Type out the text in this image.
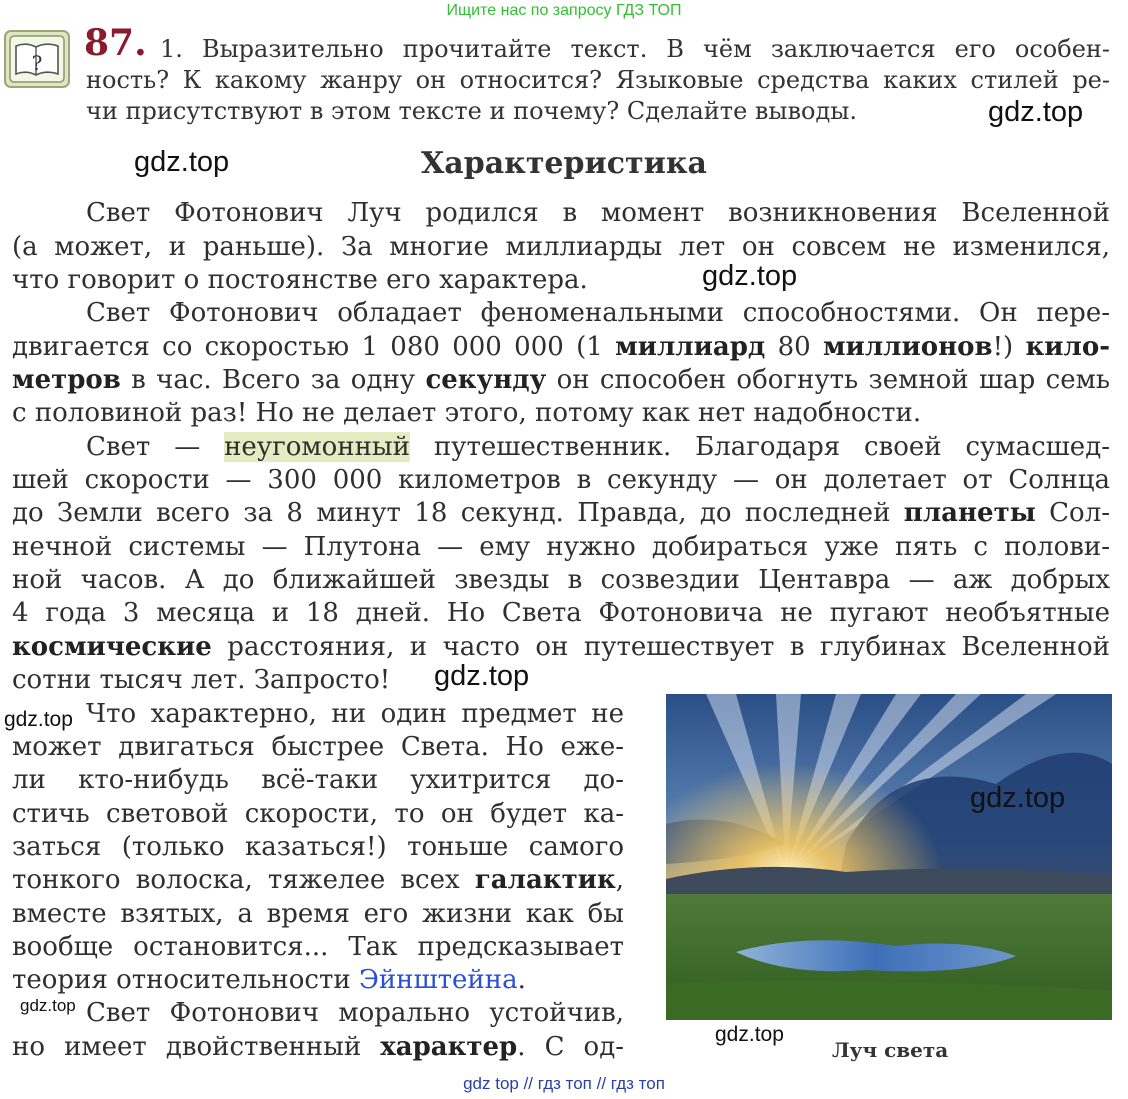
Ищите нас по запросу ГДЗ ТОП
? 87. 1. Выразительно прочитайте текст. В чём заключается его особен-
ность? К какому жанру он относится? Языковые средства каких стилей ре-
чи присутствуют в этом тексте и почему? Сделайте выводы.	gdz.top
gdz.top	Характеристика
Свет Фотонович Луч родился в момент возникновения Вселенной
(а может, и раньше). За многие миллиарды лет он совсем не изменился,
что говорит о постоянстве его характера.	gdz.top
Свет Фотонович обладает феноменальными способностями. Он пере-
двигается со скоростью 1 080 000 000 (1 миллиард 80 миллионов!) кило-
метров в час. Всего за одну секунду он способен обогнуть земной шар семь
с половиной раз! Но не делает этого, потому как нет надобности.
Свет — неугомонный путешественник. Благодаря своей сумасшед-
шей скорости — 300 000 километров в секунду — он долетает от Солнца
до Земли всего за 8 минут 18 секунд. Правда, до последней планеты Сол-
нечной системы — Плутона — ему нужно добираться уже пять с полови-
ной часов. А до ближайшей звезды в созвездии Центавра — аж добрых
4 года 3 месяца и 18 дней. Но Света Фотоновича не пугают необъятные
космические расстояния, и часто он путешествует в глубинах Вселенной
сотни тысяч лет. Запросто!	gdz.top
gdz.top Что характерно, ни один предмет не
может двигаться быстрее Света. Но еже-
ли кто-нибудь всё-таки ухитрится до-
стичь световой скорости, то он будет ка-
заться (только казаться!) тоньше самого
тонкого волоска, тяжелее всех галактик,
вместе взятых, а время его жизни как бы
вообще остановится... Так предсказывает
теория относительности Эйнштейна.
gdz.top Свет Фотонович морально устойчив,
но имеет двойственный характер. С од-
gdz.top
gdz.top
Луч света
gdz top // гдз топ // гдз топ
